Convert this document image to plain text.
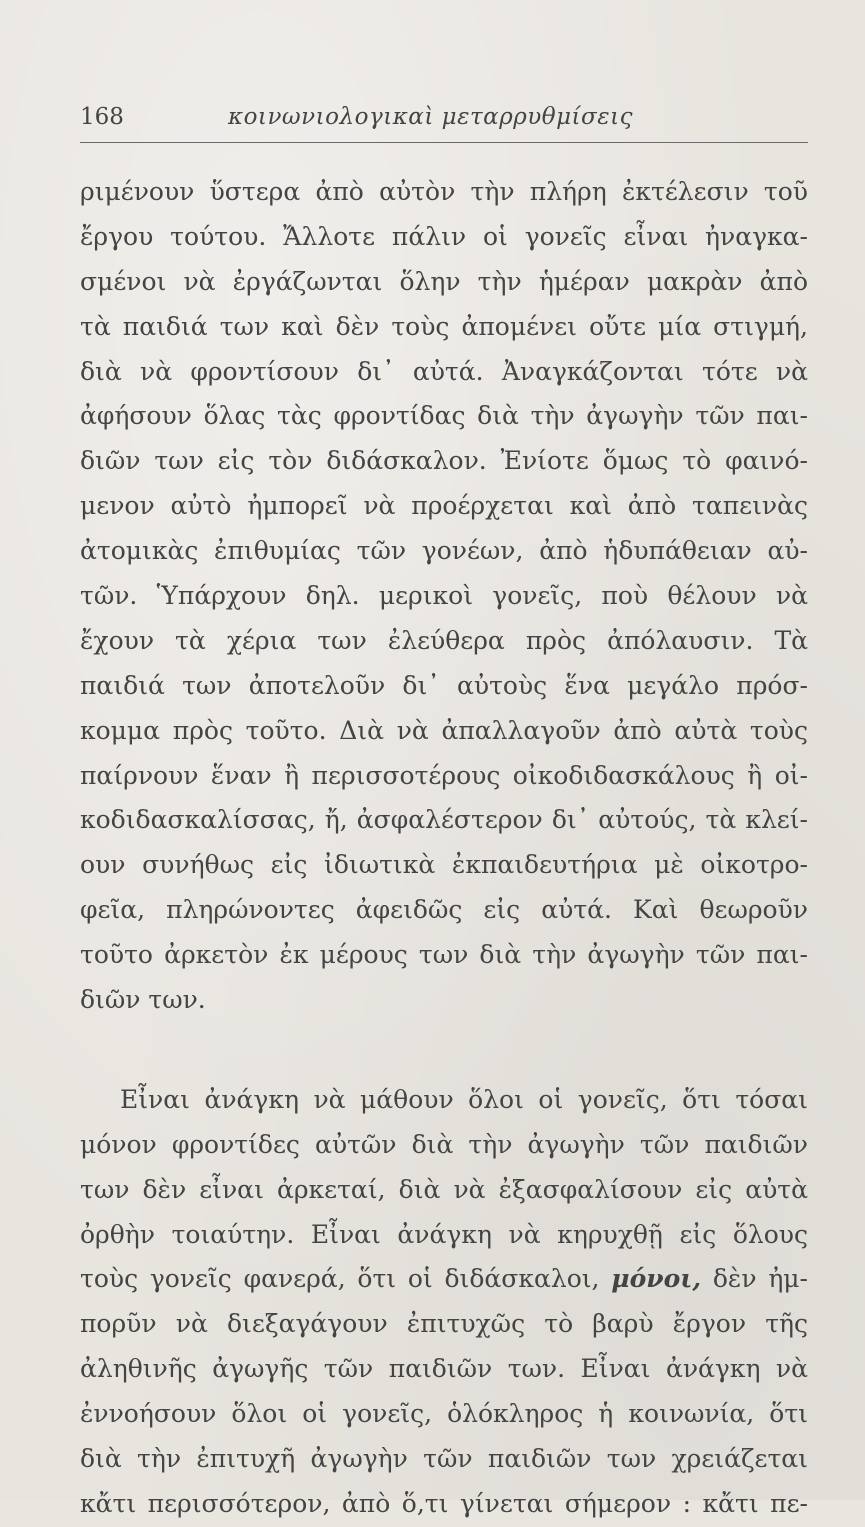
168	κοινωνιολογικαὶ μεταρρυθμίσεις
ριμένουν ὕστερα ἀπὸ αὐτὸν τὴν πλήρη ἐκτέλεσιν τοῦ
ἔργου τούτου. Ἄλλοτε πάλιν οἱ γονεῖς εἶναι ἠναγκα-
σμένοι νὰ ἐργάζωνται ὅλην τὴν ἡμέραν μακρὰν ἀπὸ
τὰ παιδιά των καὶ δὲν τοὺς ἀπομένει οὔτε μία στιγμή,
διὰ νὰ φροντίσουν δι᾽ αὐτά. Ἀναγκάζονται τότε νὰ
ἀφήσουν ὅλας τὰς φροντίδας διὰ τὴν ἀγωγὴν τῶν παι-
διῶν των εἰς τὸν διδάσκαλον. Ἐνίοτε ὅμως τὸ φαινό-
μενον αὐτὸ ἠμπορεῖ νὰ προέρχεται καὶ ἀπὸ ταπεινὰς
ἀτομικὰς ἐπιθυμίας τῶν γονέων, ἀπὸ ἡδυπάθειαν αὐ-
τῶν. Ὑπάρχουν δηλ. μερικοὶ γονεῖς, ποὺ θέλουν νὰ
ἔχουν τὰ χέρια των ἐλεύθερα πρὸς ἀπόλαυσιν. Τὰ
παιδιά των ἀποτελοῦν δι᾽ αὐτοὺς ἕνα μεγάλο πρόσ-
κομμα πρὸς τοῦτο. Διὰ νὰ ἀπαλλαγοῦν ἀπὸ αὐτὰ τοὺς
παίρνουν ἕναν ἢ περισσοτέρους οἰκοδιδασκάλους ἢ οἰ-
κοδιδασκαλίσσας, ἤ, ἀσφαλέστερον δι᾽ αὐτούς, τὰ κλεί-
ουν συνήθως εἰς ἰδιωτικὰ ἐκπαιδευτήρια μὲ οἰκοτρο-
φεῖα, πληρώνοντες ἀφειδῶς εἰς αὐτά. Καὶ θεωροῦν
τοῦτο ἀρκετὸν ἐκ μέρους των διὰ τὴν ἀγωγὴν τῶν παι-
διῶν των.
Εἶναι ἀνάγκη νὰ μάθουν ὅλοι οἱ γονεῖς, ὅτι τόσαι
μόνον φροντίδες αὐτῶν διὰ τὴν ἀγωγὴν τῶν παιδιῶν
των δὲν εἶναι ἀρκεταί, διὰ νὰ ἐξασφαλίσουν εἰς αὐτὰ
ὀρθὴν τοιαύτην. Εἶναι ἀνάγκη νὰ κηρυχθῇ εἰς ὅλους
τοὺς γονεῖς φανερά, ὅτι οἱ διδάσκαλοι, μόνοι, δὲν ἠμ-
πορῦν νὰ διεξαγάγουν ἐπιτυχῶς τὸ βαρὺ ἔργον τῆς
ἀληθινῆς ἀγωγῆς τῶν παιδιῶν των. Εἶναι ἀνάγκη νὰ
ἐννοήσουν ὅλοι οἱ γονεῖς, ὁλόκληρος ἡ κοινωνία, ὅτι
διὰ τὴν ἐπιτυχῆ ἀγωγὴν τῶν παιδιῶν των χρειάζεται
κἄτι περισσότερον, ἀπὸ ὅ,τι γίνεται σήμερον : κἄτι πε-
